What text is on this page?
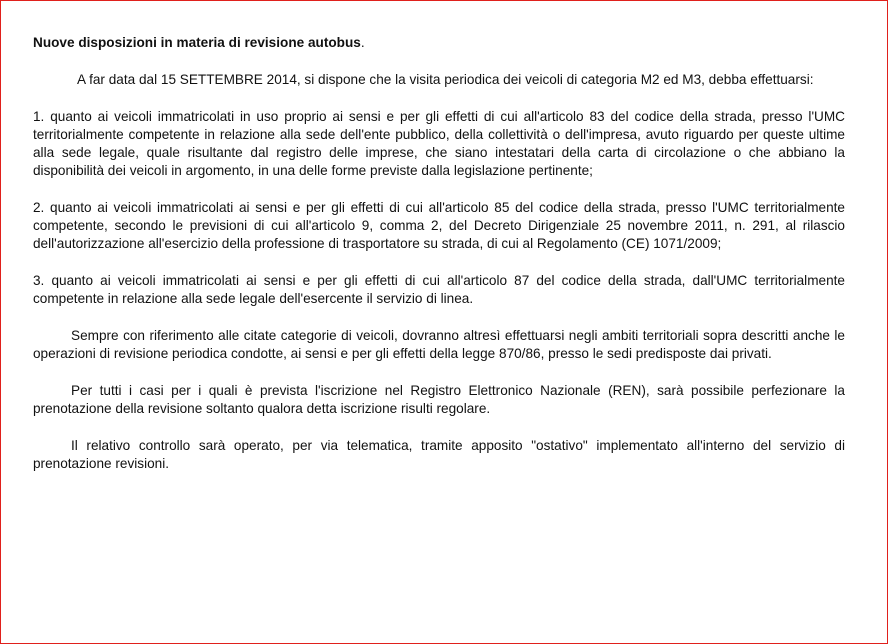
Nuove disposizioni in materia di revisione autobus.

A far data dal 15 SETTEMBRE 2014, si dispone che la visita periodica dei veicoli di categoria M2 ed M3, debba effettuarsi:

1. quanto ai veicoli immatricolati in uso proprio ai sensi e per gli effetti di cui all'articolo 83 del codice della strada, presso l'UMC territorialmente competente in relazione alla sede dell'ente pubblico, della collettività o dell'impresa, avuto riguardo per queste ultime alla sede legale, quale risultante dal registro delle imprese, che siano intestatari della carta di circolazione o che abbiano la disponibilità dei veicoli in argomento, in una delle forme previste dalla legislazione pertinente;

2. quanto ai veicoli immatricolati ai sensi e per gli effetti di cui all'articolo 85 del codice della strada, presso l'UMC territorialmente competente, secondo le previsioni di cui all'articolo 9, comma 2, del Decreto Dirigenziale 25 novembre 2011, n. 291, al rilascio dell'autorizzazione all'esercizio della professione di trasportatore su strada, di cui al Regolamento (CE) 1071/2009;

3. quanto ai veicoli immatricolati ai sensi e per gli effetti di cui all'articolo 87 del codice della strada, dall'UMC territorialmente competente in relazione alla sede legale dell'esercente il servizio di linea.

Sempre con riferimento alle citate categorie di veicoli, dovranno altresì effettuarsi negli ambiti territoriali sopra descritti anche le operazioni di revisione periodica condotte, ai sensi e per gli effetti della legge 870/86, presso le sedi predisposte dai privati.

Per tutti i casi per i quali è prevista l'iscrizione nel Registro Elettronico Nazionale (REN), sarà possibile perfezionare la prenotazione della revisione soltanto qualora detta iscrizione risulti regolare.

Il relativo controllo sarà operato, per via telematica, tramite apposito "ostativo" implementato all'interno del servizio di prenotazione revisioni.
